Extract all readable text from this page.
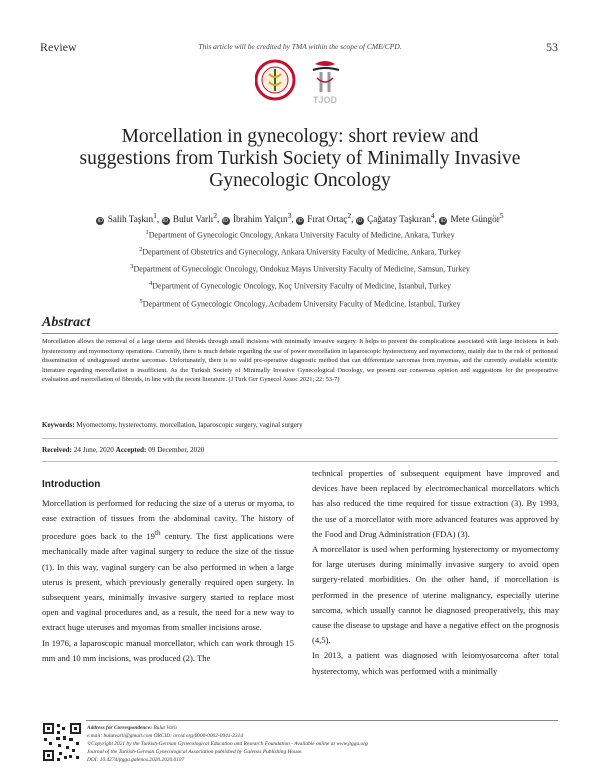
Review	This article will be credited by TMA within the scope of CME/CPD.	53
TJOD
Morcellation in gynecology: short review and
suggestions from Turkish Society of Minimally Invasive
Gynecologic Oncology
iD Salih Taşkın$^1$, iD Bulut Varlı$^2$, iD İbrahim Yalçın$^3$, iD Fırat Ortaç$^2$, iD Çağatay Taşkıran$^4$, iD Mete Güngör$^5$
$^1$Department of Gynecologic Oncology, Ankara University Faculty of Medicine, Ankara, Turkey
$^2$Department of Obstetrics and Gynecology, Ankara University Faculty of Medicine, Ankara, Turkey
$^3$Department of Gynecologic Oncology, Ondokuz Mayıs University Faculty of Medicine, Samsun, Turkey
$^4$Department of Gynecologic Oncology, Koç University Faculty of Medicine, İstanbul, Turkey
$^5$Department of Gynecologic Oncology, Acıbadem University Faculty of Medicine, İstanbul, Turkey
Abstract
Morcellation allows the removal of a large uterus and fibroids through small incisions with minimally invasive surgery. It helps to prevent the complications associated with large incisions in both hysterectomy and myomectomy operations. Currently, there is much debate regarding the use of power morcellation in laparoscopic hysterectomy and myomectomy, mainly due to the risk of peritoneal dissemination of undiagnosed uterine sarcomas. Unfortunately, there is no valid pre-operative diagnostic method that can differentiate sarcomas from myomas, and the currently available scientific literature regarding morcellation is insufficient. As the Turkish Society of Minimally Invasive Gynecological Oncology, we present our consensus opinion and suggestions for the preoperative evaluation and morcellation of fibroids, in line with the recent literature. (J Turk Ger Gynecol Assoc 2021; 22: 53-7)
Keywords: Myomectomy, hysterectomy, morcellation, laparoscopic surgery, vaginal surgery
Received: 24 June, 2020 Accepted: 09 December, 2020
Introduction

Morcellation is performed for reducing the size of a uterus or myoma, to ease extraction of tissues from the abdominal cavity. The history of procedure goes back to the 19th century. The first applications were mechanically made after vaginal surgery to reduce the size of the tissue (1). In this way, vaginal surgery can be also performed in when a large uterus is present, which previously generally required open surgery. In subsequent years, minimally invasive surgery started to replace most open and vaginal procedures and, as a result, the need for a new way to extract huge uteruses and myomas from smaller incisions arose.

In 1976, a laparoscopic manual morcellator, which can work through 15 mm and 10 mm incisions, was produced (2). The

technical properties of subsequent equipment have improved and devices have been replaced by electromechanical morcellators which has also reduced the time required for tissue extraction (3). By 1993, the use of a morcellator with more advanced features was approved by the Food and Drug Administration (FDA) (3).

A morcellator is used when performing hysterectomy or myomectomy for large uteruses during minimally invasive surgery to avoid open surgery-related morbidities. On the other hand, if morcellation is performed in the presence of uterine malignancy, especially uterine sarcoma, which usually cannot be diagnosed preoperatively, this may cause the disease to upstage and have a negative effect on the prognosis (4,5).

In 2013, a patient was diagnosed with leiomyosarcoma after total hysterectomy, which was performed with a minimally

Address for Correspondence: Bulut Varlı
e.mail: bulutvarli@gmail.com ORCID: orcid.org/0000-0002-0941-2314
©Copyright 2021 by the Turkish-German Gynecological Education and Research Foundation - Available online at www.jtgga.org
Journal of the Turkish-German Gynecological Association published by Galenos Publishing House.
DOI: 10.4274/jtgga.galenos.2020.2020.0107
